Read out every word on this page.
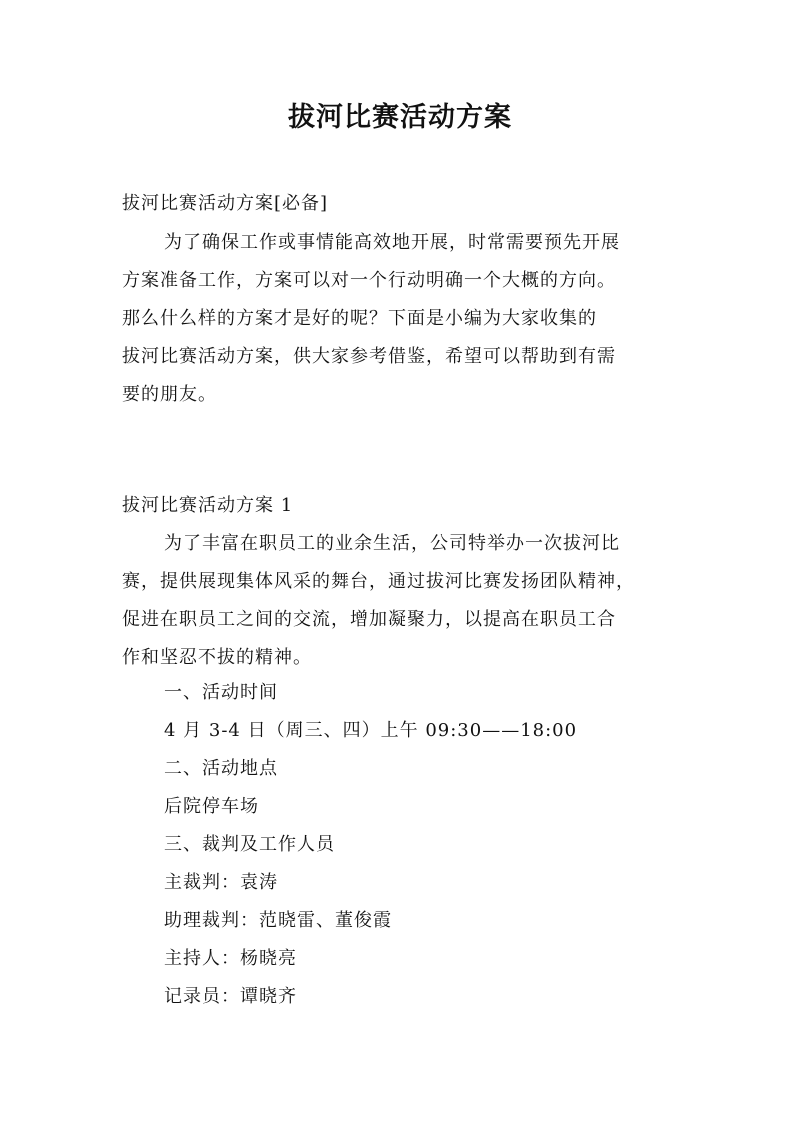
拔河比赛活动方案
拔河比赛活动方案[必备]
为了确保工作或事情能高效地开展，时常需要预先开展
方案准备工作，方案可以对一个行动明确一个大概的方向。
那么什么样的方案才是好的呢？下面是小编为大家收集的
拔河比赛活动方案，供大家参考借鉴，希望可以帮助到有需
要的朋友。
拔河比赛活动方案 1
为了丰富在职员工的业余生活，公司特举办一次拔河比
赛，提供展现集体风采的舞台，通过拔河比赛发扬团队精神，
促进在职员工之间的交流，增加凝聚力，以提高在职员工合
作和坚忍不拔的精神。
一、活动时间
4 月 3-4 日（周三、四）上午 09:30——18:00
二、活动地点
后院停车场
三、裁判及工作人员
主裁判：袁涛
助理裁判：范晓雷、董俊霞
主持人：杨晓亮
记录员：谭晓齐
